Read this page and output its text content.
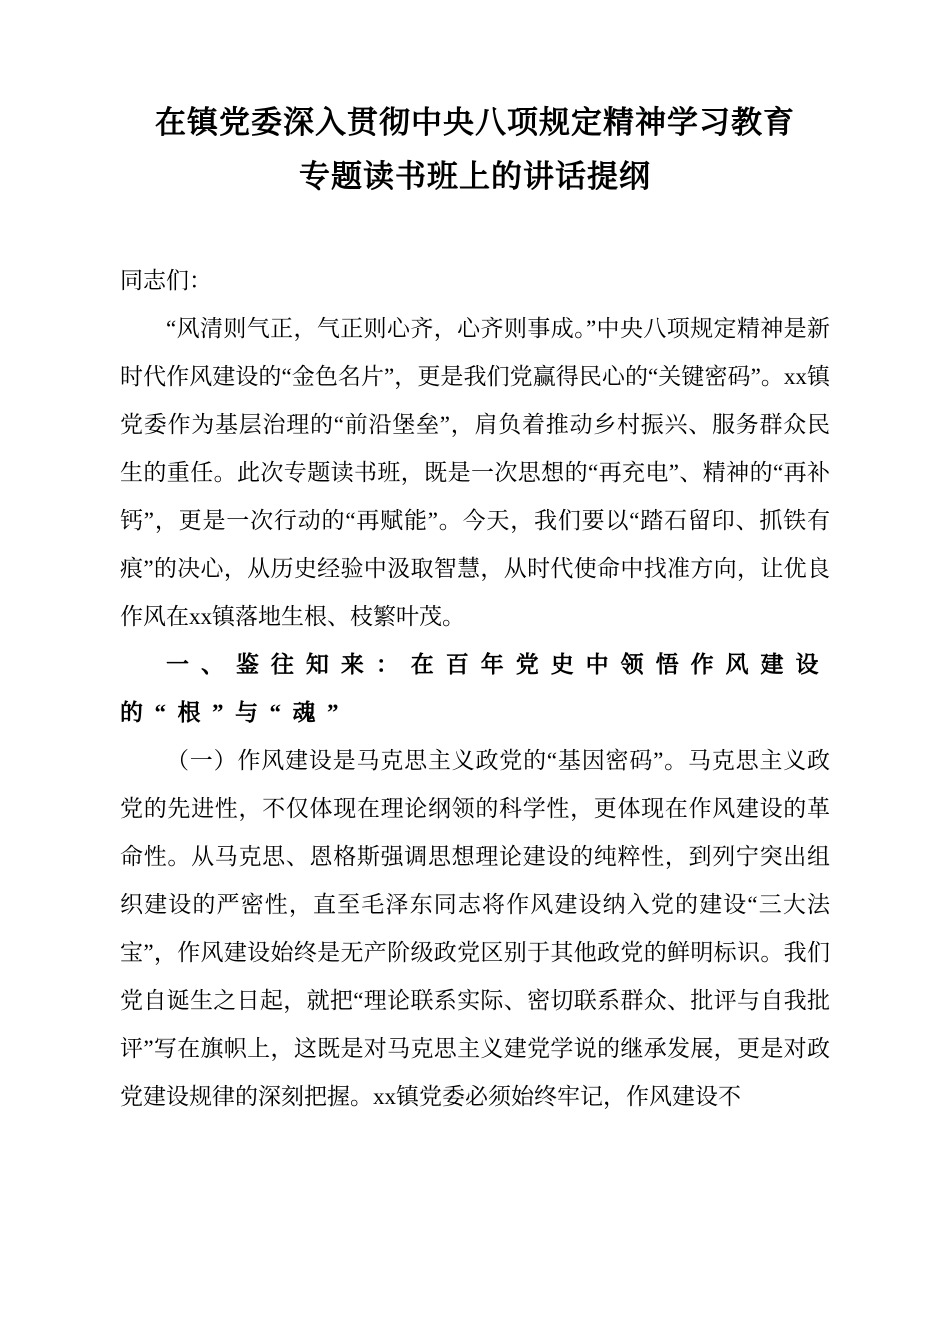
在镇党委深入贯彻中央八项规定精神学习教育
专题读书班上的讲话提纲

同志们：

“风清则气正，气正则心齐，心齐则事成。”中央八项规定精神是新时代作风建设的“金色名片”，更是我们党赢得民心的“关键密码”。xx镇党委作为基层治理的“前沿堡垒”，肩负着推动乡村振兴、服务群众民生的重任。此次专题读书班，既是一次思想的“再充电”、精神的“再补钙”，更是一次行动的“再赋能”。今天，我们要以“踏石留印、抓铁有痕”的决心，从历史经验中汲取智慧，从时代使命中找准方向，让优良作风在xx镇落地生根、枝繁叶茂。

一、鉴往知来：在百年党史中领悟作风建设的“根”与“魂”

（一）作风建设是马克思主义政党的“基因密码”。马克思主义政党的先进性，不仅体现在理论纲领的科学性，更体现在作风建设的革命性。从马克思、恩格斯强调思想理论建设的纯粹性，到列宁突出组织建设的严密性，直至毛泽东同志将作风建设纳入党的建设“三大法宝”，作风建设始终是无产阶级政党区别于其他政党的鲜明标识。我们党自诞生之日起，就把“理论联系实际、密切联系群众、批评与自我批评”写在旗帜上，这既是对马克思主义建党学说的继承发展，更是对政党建设规律的深刻把握。xx镇党委必须始终牢记，作风建设不
